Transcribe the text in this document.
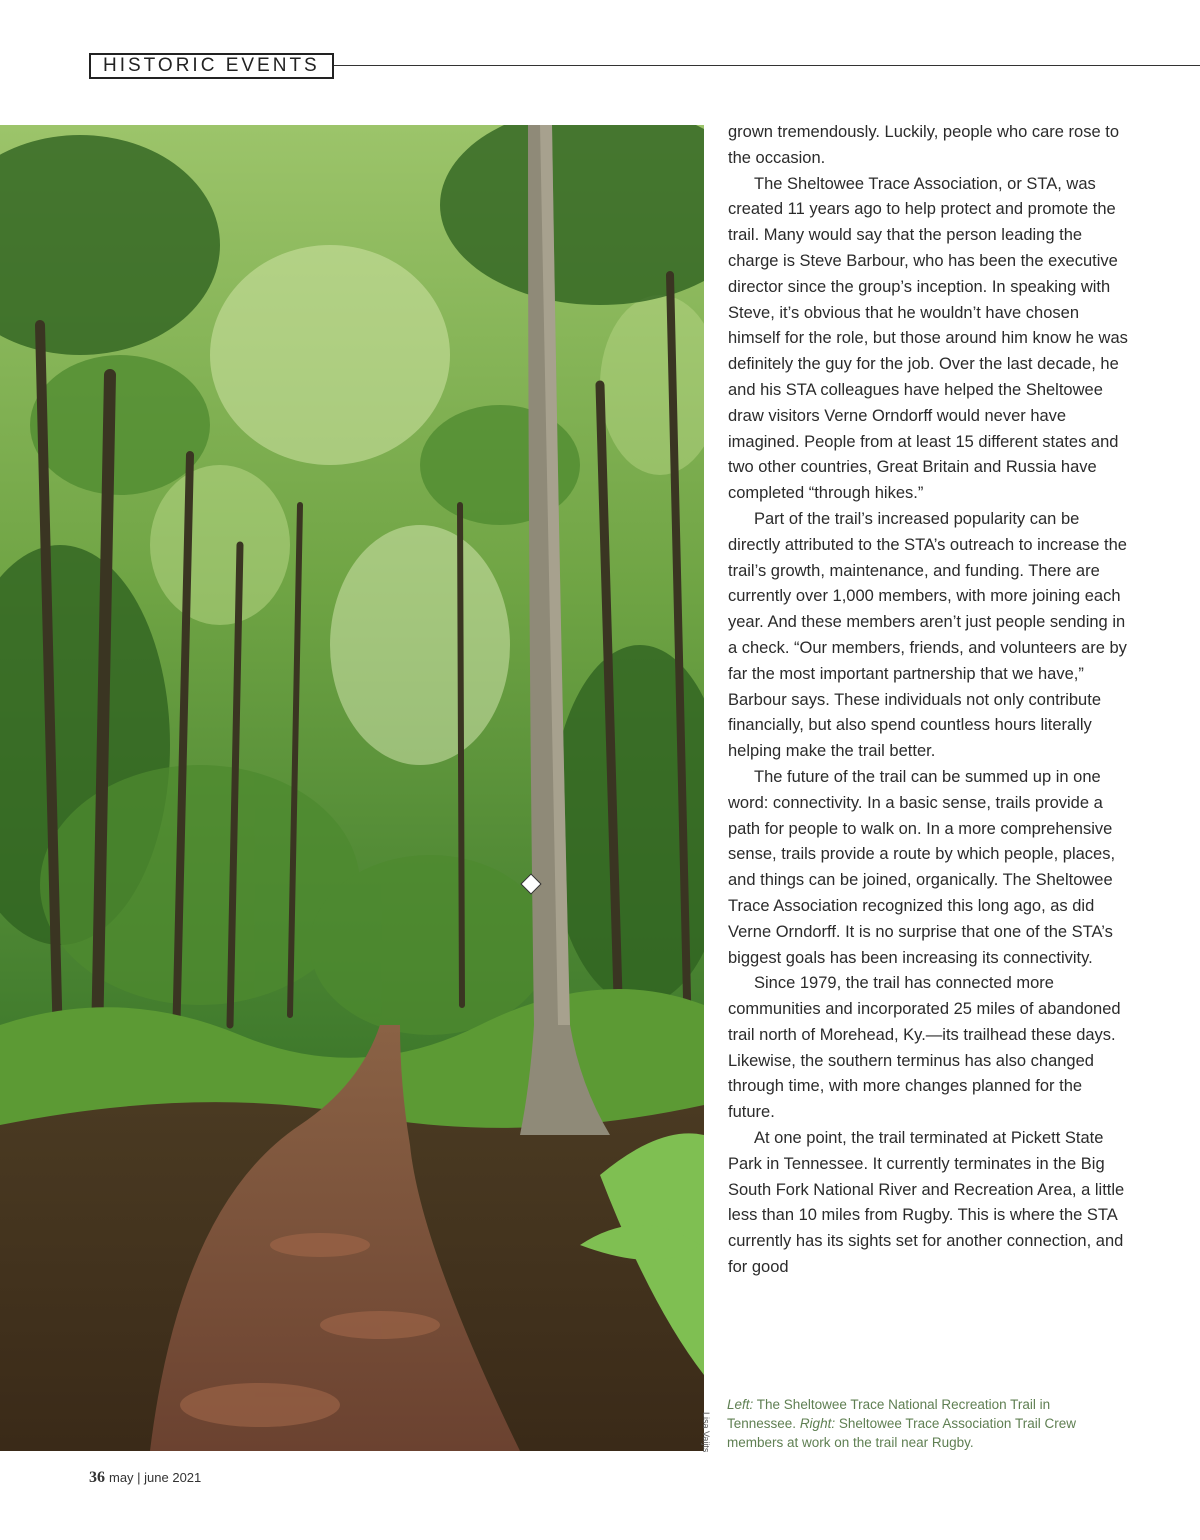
HISTORIC EVENTS
Lisa Vaijts

grown tremendously. Luckily, people who care rose to the occasion.

The Sheltowee Trace Association, or STA, was created 11 years ago to help protect and promote the trail. Many would say that the person leading the charge is Steve Barbour, who has been the executive director since the group’s inception. In speaking with Steve, it’s obvious that he wouldn’t have chosen himself for the role, but those around him know he was definitely the guy for the job. Over the last decade, he and his STA colleagues have helped the Sheltowee draw visitors Verne Orndorff would never have imagined. People from at least 15 different states and two other countries, Great Britain and Russia have completed “through hikes.”

Part of the trail’s increased popularity can be directly attributed to the STA’s outreach to increase the trail’s growth, maintenance, and funding. There are currently over 1,000 members, with more joining each year. And these members aren’t just people sending in a check. “Our members, friends, and volunteers are by far the most important partnership that we have,” Barbour says. These individuals not only contribute financially, but also spend countless hours literally helping make the trail better.

The future of the trail can be summed up in one word: connectivity. In a basic sense, trails provide a path for people to walk on. In a more comprehensive sense, trails provide a route by which people, places, and things can be joined, organically. The Sheltowee Trace Association recognized this long ago, as did Verne Orndorff. It is no surprise that one of the STA’s biggest goals has been increasing its connectivity.

Since 1979, the trail has connected more communities and incorporated 25 miles of abandoned trail north of Morehead, Ky.—its trailhead these days. Likewise, the southern terminus has also changed through time, with more changes planned for the future.

At one point, the trail terminated at Pickett State Park in Tennessee. It currently terminates in the Big South Fork National River and Recreation Area, a little less than 10 miles from Rugby. This is where the STA currently has its sights set for another connection, and for good

Left: The Sheltowee Trace National Recreation Trail in Tennessee. Right: Sheltowee Trace Association Trail Crew members at work on the trail near Rugby.
36 may | june 2021
